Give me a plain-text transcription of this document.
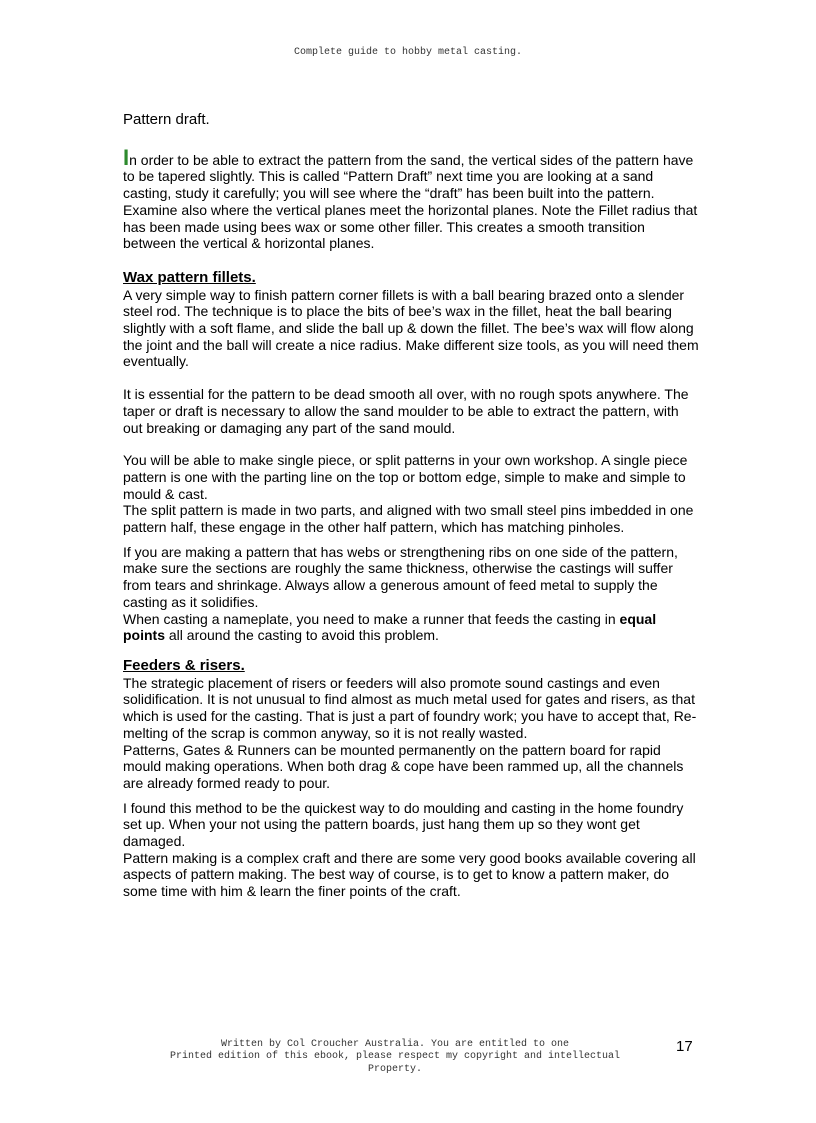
Complete guide to hobby metal casting.
Pattern draft.

In order to be able to extract the pattern from the sand, the vertical sides of the pattern have to be tapered slightly. This is called “Pattern Draft” next time you are looking at a sand casting, study it carefully; you will see where the “draft” has been built into the pattern. Examine also where the vertical planes meet the horizontal planes. Note the Fillet radius that has been made using bees wax or some other filler. This creates a smooth transition between the vertical & horizontal planes.

Wax pattern fillets.

A very simple way to finish pattern corner fillets is with a ball bearing brazed onto a slender steel rod. The technique is to place the bits of bee’s wax in the fillet, heat the ball bearing slightly with a soft flame, and slide the ball up & down the fillet. The bee’s wax will flow along the joint and the ball will create a nice radius. Make different size tools, as you will need them eventually.

It is essential for the pattern to be dead smooth all over, with no rough spots anywhere. The taper or draft is necessary to allow the sand moulder to be able to extract the pattern, with out breaking or damaging any part of the sand mould.

You will be able to make single piece, or split patterns in your own workshop. A single piece pattern is one with the parting line on the top or bottom edge, simple to make and simple to mould & cast.

The split pattern is made in two parts, and aligned with two small steel pins imbedded in one pattern half, these engage in the other half pattern, which has matching pinholes.

If you are making a pattern that has webs or strengthening ribs on one side of the pattern, make sure the sections are roughly the same thickness, otherwise the castings will suffer from tears and shrinkage. Always allow a generous amount of feed metal to supply the casting as it solidifies.

When casting a nameplate, you need to make a runner that feeds the casting in equal points all around the casting to avoid this problem.

Feeders & risers.

The strategic placement of risers or feeders will also promote sound castings and even solidification. It is not unusual to find almost as much metal used for gates and risers, as that which is used for the casting. That is just a part of foundry work; you have to accept that, Re-melting of the scrap is common anyway, so it is not really wasted.

Patterns, Gates & Runners can be mounted permanently on the pattern board for rapid mould making operations. When both drag & cope have been rammed up, all the channels are already formed ready to pour.

I found this method to be the quickest way to do moulding and casting in the home foundry set up. When your not using the pattern boards, just hang them up so they wont get damaged.

Pattern making is a complex craft and there are some very good books available covering all aspects of pattern making. The best way of course, is to get to know a pattern maker, do some time with him & learn the finer points of the craft.

Written by Col Croucher Australia. You are entitled to one
Printed edition of this ebook, please respect my copyright and intellectual
Property.
17
